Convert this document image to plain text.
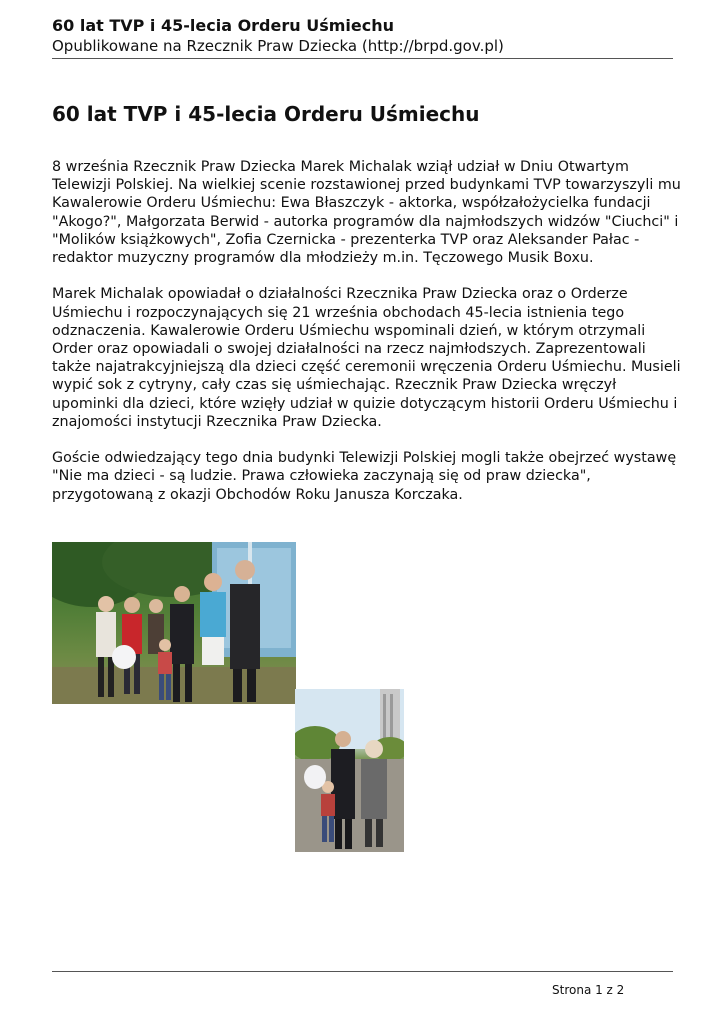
60 lat TVP i 45-lecia Orderu Uśmiechu
Opublikowane na Rzecznik Praw Dziecka (http://brpd.gov.pl)
60 lat TVP i 45-lecia Orderu Uśmiechu

8 września Rzecznik Praw Dziecka Marek Michalak wziął udział w Dniu Otwartym Telewizji Polskiej. Na wielkiej scenie rozstawionej przed budynkami TVP towarzyszyli mu Kawalerowie Orderu Uśmiechu: Ewa Błaszczyk - aktorka, współzałożycielka fundacji "Akogo?", Małgorzata Berwid - autorka programów dla najmłodszych widzów "Ciuchci" i "Molików książkowych", Zofia Czernicka - prezenterka TVP oraz Aleksander Pałac - redaktor muzyczny programów dla młodzieży m.in. Tęczowego Musik Boxu.

Marek Michalak opowiadał o działalności Rzecznika Praw Dziecka oraz o Orderze Uśmiechu i rozpoczynających się 21 września obchodach 45-lecia istnienia tego odznaczenia. Kawalerowie Orderu Uśmiechu wspominali dzień, w którym otrzymali Order oraz opowiadali o swojej działalności na rzecz najmłodszych. Zaprezentowali także najatrakcyjniejszą dla dzieci część ceremonii wręczenia Orderu Uśmiechu. Musieli wypić sok z cytryny, cały czas się uśmiechając. Rzecznik Praw Dziecka wręczył upominki dla dzieci, które wzięły udział w quizie dotyczącym historii Orderu Uśmiechu i znajomości instytucji Rzecznika Praw Dziecka.

Goście odwiedzający tego dnia budynki Telewizji Polskiej mogli także obejrzeć wystawę "Nie ma dzieci - są ludzie. Prawa człowieka zaczynają się od praw dziecka", przygotowaną z okazji Obchodów Roku Janusza Korczaka.

Strona 1 z 2
